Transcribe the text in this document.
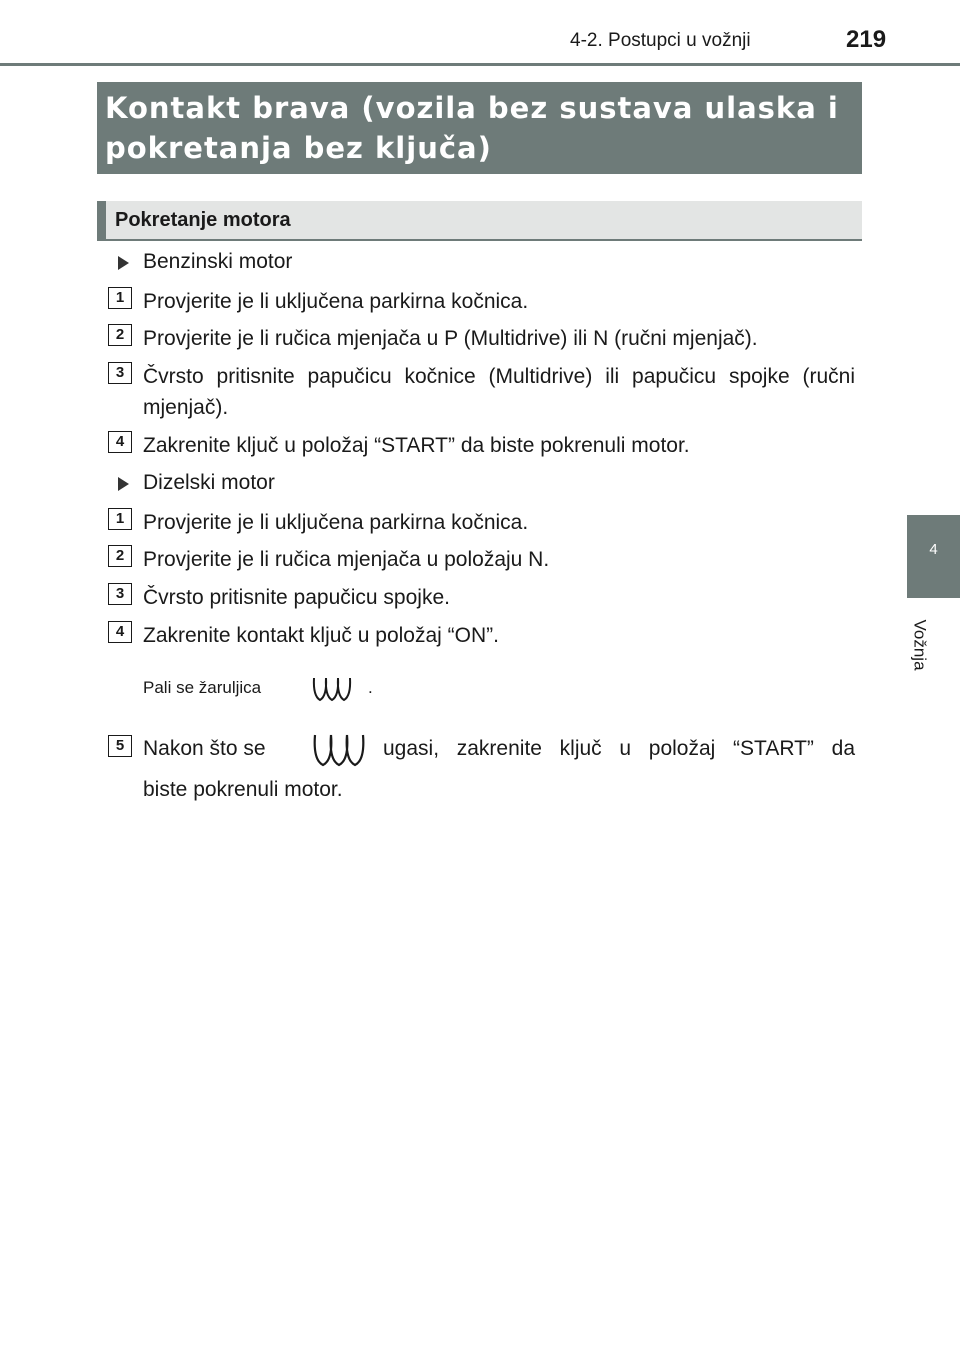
4-2. Postupci u vožnji	219
Kontakt brava (vozila bez sustava ulaska i pokretanja bez ključa)
Pokretanje motora
4
Vožnja
Benzinski motor
1 Provjerite je li uključena parkirna kočnica.
2 Provjerite je li ručica mjenjača u P (Multidrive) ili N (ručni mjenjač).
3 Čvrsto pritisnite papučicu kočnice (Multidrive) ili papučicu spojke (ručni mjenjač).
4 Zakrenite ključ u položaj “START” da biste pokrenuli motor.
Dizelski motor
1 Provjerite je li uključena parkirna kočnica.
2 Provjerite je li ručica mjenjača u položaju N.
3 Čvrsto pritisnite papučicu spojke.
4 Zakrenite kontakt ključ u položaj “ON”.
Pali se žaruljica	.
5 Nakon što se	ugasi, zakrenite ključ u položaj “START” da
biste pokrenuli motor.
